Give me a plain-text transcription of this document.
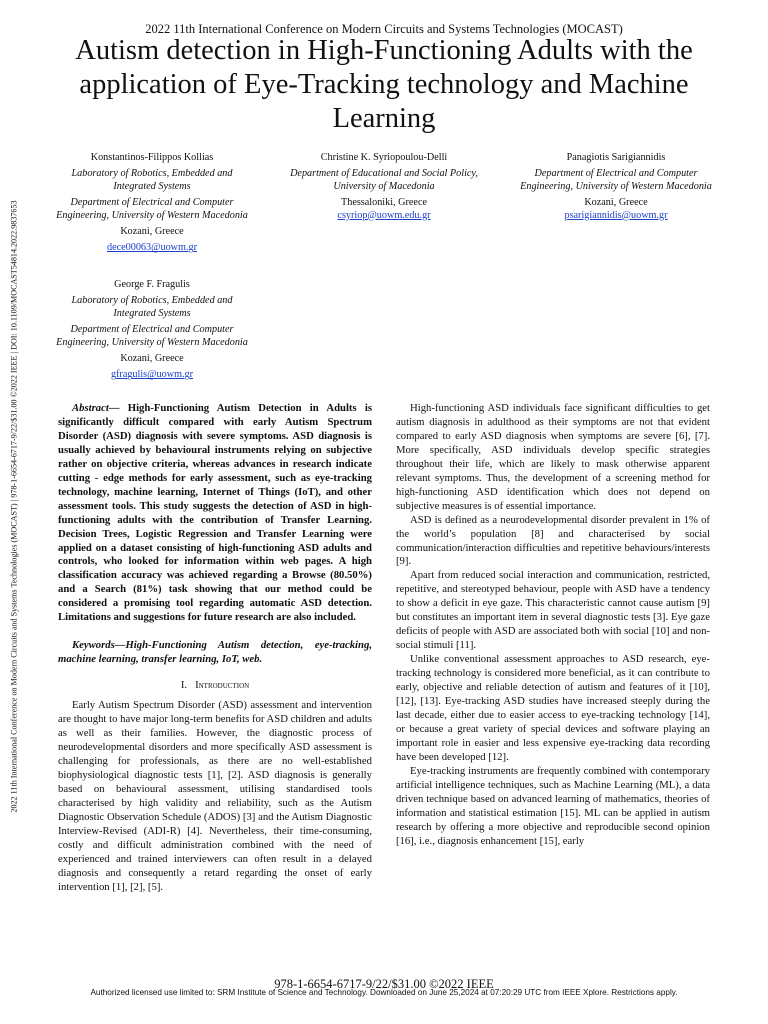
2022 11th International Conference on Modern Circuits and Systems Technologies (MOCAST)
Autism detection in High-Functioning Adults with the application of Eye-Tracking technology and Machine Learning
2022 11th International Conference on Modern Circuits and Systems Technologies (MOCAST) | 978-1-6654-6717-9/22/$31.00 ©2022 IEEE | DOI: 10.1109/MOCAST54814.2022.9837653
Konstantinos-Filippos Kollias
Laboratory of Robotics, Embedded and Integrated Systems
Department of Electrical and Computer Engineering, University of Western Macedonia
Kozani, Greece
dece00063@uowm.gr
Christine K. Syriopoulou-Delli
Department of Educational and Social Policy, University of Macedonia
Thessaloniki, Greece
csyriop@uowm.edu.gr
Panagiotis Sarigiannidis
Department of Electrical and Computer Engineering, University of Western Macedonia
Kozani, Greece
psarigiannidis@uowm.gr
George F. Fragulis
Laboratory of Robotics, Embedded and Integrated Systems
Department of Electrical and Computer Engineering, University of Western Macedonia
Kozani, Greece
gfragulis@uowm.gr

Abstract— High-Functioning Autism Detection in Adults is significantly difficult compared with early Autism Spectrum Disorder (ASD) diagnosis with severe symptoms. ASD diagnosis is usually achieved by behavioural instruments relying on subjective rather on objective criteria, whereas advances in research indicate cutting - edge methods for early assessment, such as eye-tracking technology, machine learning, Internet of Things (IoT), and other assessment tools. This study suggests the detection of ASD in high-functioning adults with the contribution of Transfer Learning. Decision Trees, Logistic Regression and Transfer Learning were applied on a dataset consisting of high-functioning ASD adults and controls, who looked for information within web pages. A high classification accuracy was achieved regarding a Browse (80.50%) and a Search (81%) task showing that our method could be considered a promising tool regarding automatic ASD detection. Limitations and suggestions for future research are also included.

Keywords—High-Functioning Autism detection, eye-tracking, machine learning, transfer learning, IoT, web.

I. Introduction

Early Autism Spectrum Disorder (ASD) assessment and intervention are thought to have major long-term benefits for ASD children and adults as well as their families. However, the diagnostic process of neurodevelopmental disorders and more specifically ASD assessment is challenging for professionals, as there are no well-established biophysiological diagnostic tests [1], [2]. ASD diagnosis is generally based on behavioural assessment, utilising standardised tools characterised by high validity and reliability, such as the Autism Diagnostic Observation Schedule (ADOS) [3] and the Autism Diagnostic Interview-Revised (ADI-R) [4]. Nevertheless, their time-consuming, costly and difficult administration combined with the need of experienced and trained interviewers can often result in a delayed diagnosis and consequently a retard regarding the onset of early intervention [1], [2], [5].

High-functioning ASD individuals face significant difficulties to get autism diagnosis in adulthood as their symptoms are not that evident compared to early ASD diagnosis when symptoms are severe [6], [7]. More specifically, ASD individuals develop specific strategies throughout their life, which are likely to mask otherwise apparent relevant symptoms. Thus, the development of a screening method for high-functioning ASD identification which does not depend on subjective measures is of essential importance.

ASD is defined as a neurodevelopmental disorder prevalent in 1% of the world’s population [8] and characterised by social communication/interaction difficulties and repetitive behaviours/interests [9].

Apart from reduced social interaction and communication, restricted, repetitive, and stereotyped behaviour, people with ASD have a tendency to show a deficit in eye gaze. This characteristic cannot cause autism [9] but constitutes an important item in several diagnostic tests [3]. Eye gaze deficits of people with ASD are associated both with social [10] and non-social stimuli [11].

Unlike conventional assessment approaches to ASD research, eye-tracking technology is considered more beneficial, as it can contribute to early, objective and reliable detection of autism and features of it [10], [12], [13]. Eye-tracking ASD studies have increased steeply during the last decade, either due to easier access to eye-tracking technology [14], or because a great variety of special devices and software playing an important role in easier and less expensive eye-tracking data recording have been developed [12].

Eye-tracking instruments are frequently combined with contemporary artificial intelligence techniques, such as Machine Learning (ML), a data driven technique based on advanced learning of mathematics, theories of information and statistical estimation [15]. ML can be applied in autism research by offering a more objective and reproducible second opinion [16], i.e., diagnosis enhancement [15], early

978-1-6654-6717-9/22/$31.00 ©2022 IEEE
Authorized licensed use limited to: SRM Institute of Science and Technology. Downloaded on June 25,2024 at 07:20:29 UTC from IEEE Xplore. Restrictions apply.
